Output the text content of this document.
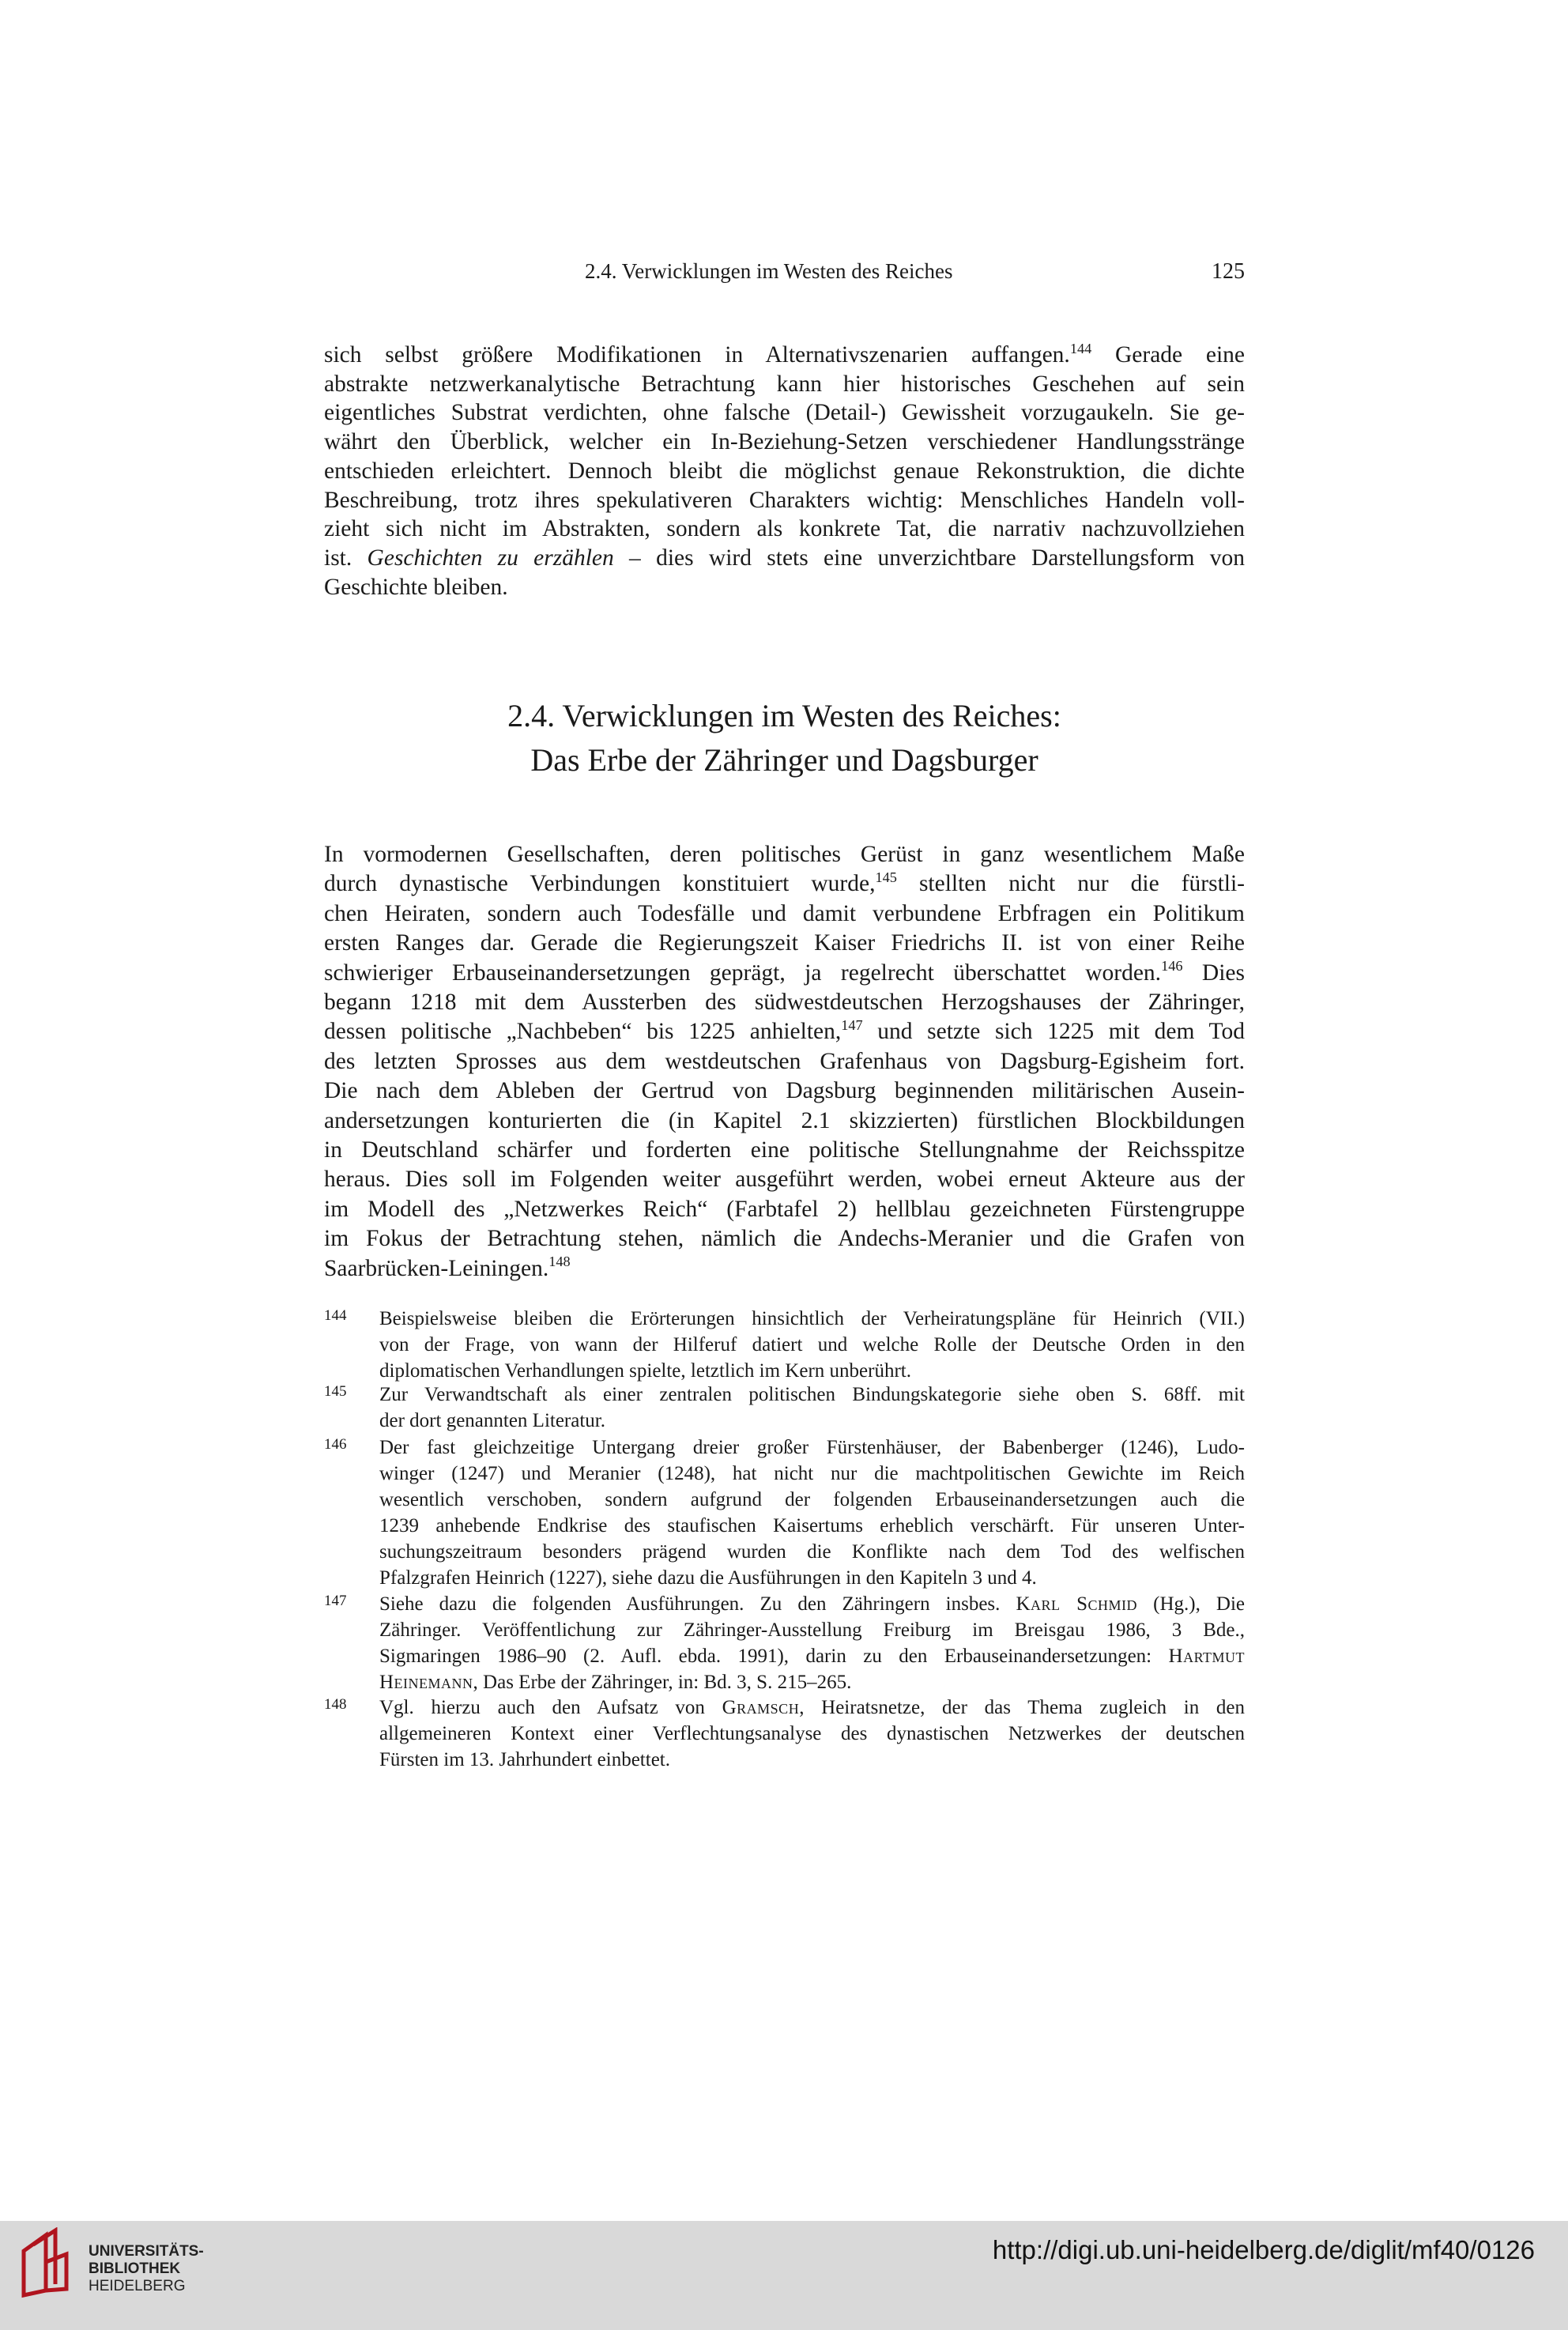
2.4. Verwicklungen im Westen des Reiches	125
sich selbst größere Modifikationen in Alternativszenarien auffangen.$^{144}$ Gerade eine
abstrakte netzwerkanalytische Betrachtung kann hier historisches Geschehen auf sein
eigentliches Substrat verdichten, ohne falsche (Detail-) Gewissheit vorzugaukeln. Sie ge-
währt den Überblick, welcher ein In-Beziehung-Setzen verschiedener Handlungsstränge
entschieden erleichtert. Dennoch bleibt die möglichst genaue Rekonstruktion, die dichte
Beschreibung, trotz ihres spekulativeren Charakters wichtig: Menschliches Handeln voll-
zieht sich nicht im Abstrakten, sondern als konkrete Tat, die narrativ nachzuvollziehen
ist. Geschichten zu erzählen – dies wird stets eine unverzichtbare Darstellungsform von
Geschichte bleiben.
2.4. Verwicklungen im Westen des Reiches:
Das Erbe der Zähringer und Dagsburger
In vormodernen Gesellschaften, deren politisches Gerüst in ganz wesentlichem Maße
durch dynastische Verbindungen konstituiert wurde,$^{145}$ stellten nicht nur die fürstli-
chen Heiraten, sondern auch Todesfälle und damit verbundene Erbfragen ein Politikum
ersten Ranges dar. Gerade die Regierungszeit Kaiser Friedrichs II. ist von einer Reihe
schwieriger Erbauseinandersetzungen geprägt, ja regelrecht überschattet worden.$^{146}$ Dies
begann 1218 mit dem Aussterben des südwestdeutschen Herzogshauses der Zähringer,
dessen politische „Nachbeben“ bis 1225 anhielten,$^{147}$ und setzte sich 1225 mit dem Tod
des letzten Sprosses aus dem westdeutschen Grafenhaus von Dagsburg-Egisheim fort.
Die nach dem Ableben der Gertrud von Dagsburg beginnenden militärischen Ausein-
andersetzungen konturierten die (in Kapitel 2.1 skizzierten) fürstlichen Blockbildungen
in Deutschland schärfer und forderten eine politische Stellungnahme der Reichsspitze
heraus. Dies soll im Folgenden weiter ausgeführt werden, wobei erneut Akteure aus der
im Modell des „Netzwerkes Reich“ (Farbtafel 2) hellblau gezeichneten Fürstengruppe
im Fokus der Betrachtung stehen, nämlich die Andechs-Meranier und die Grafen von
Saarbrücken-Leiningen.$^{148}$
144 Beispielsweise bleiben die Erörterungen hinsichtlich der Verheiratungspläne für Heinrich (VII.)
von der Frage, von wann der Hilferuf datiert und welche Rolle der Deutsche Orden in den
diplomatischen Verhandlungen spielte, letztlich im Kern unberührt.
145 Zur Verwandtschaft als einer zentralen politischen Bindungskategorie siehe oben S. 68ff. mit
der dort genannten Literatur.
146 Der fast gleichzeitige Untergang dreier großer Fürstenhäuser, der Babenberger (1246), Ludo-
winger (1247) und Meranier (1248), hat nicht nur die machtpolitischen Gewichte im Reich
wesentlich verschoben, sondern aufgrund der folgenden Erbauseinandersetzungen auch die
1239 anhebende Endkrise des staufischen Kaisertums erheblich verschärft. Für unseren Unter-
suchungszeitraum besonders prägend wurden die Konflikte nach dem Tod des welfischen
Pfalzgrafen Heinrich (1227), siehe dazu die Ausführungen in den Kapiteln 3 und 4.
147 Siehe dazu die folgenden Ausführungen. Zu den Zähringern insbes. Karl Schmid (Hg.), Die
Zähringer. Veröffentlichung zur Zähringer-Ausstellung Freiburg im Breisgau 1986, 3 Bde.,
Sigmaringen 1986–90 (2. Aufl. ebda. 1991), darin zu den Erbauseinandersetzungen: Hartmut
Heinemann, Das Erbe der Zähringer, in: Bd. 3, S. 215–265.
148 Vgl. hierzu auch den Aufsatz von Gramsch, Heiratsnetze, der das Thema zugleich in den
allgemeineren Kontext einer Verflechtungsanalyse des dynastischen Netzwerkes der deutschen
Fürsten im 13. Jahrhundert einbettet.
UNIVERSITÄTS-
BIBLIOTHEK
HEIDELBERG
http://digi.ub.uni-heidelberg.de/diglit/mf40/0126
